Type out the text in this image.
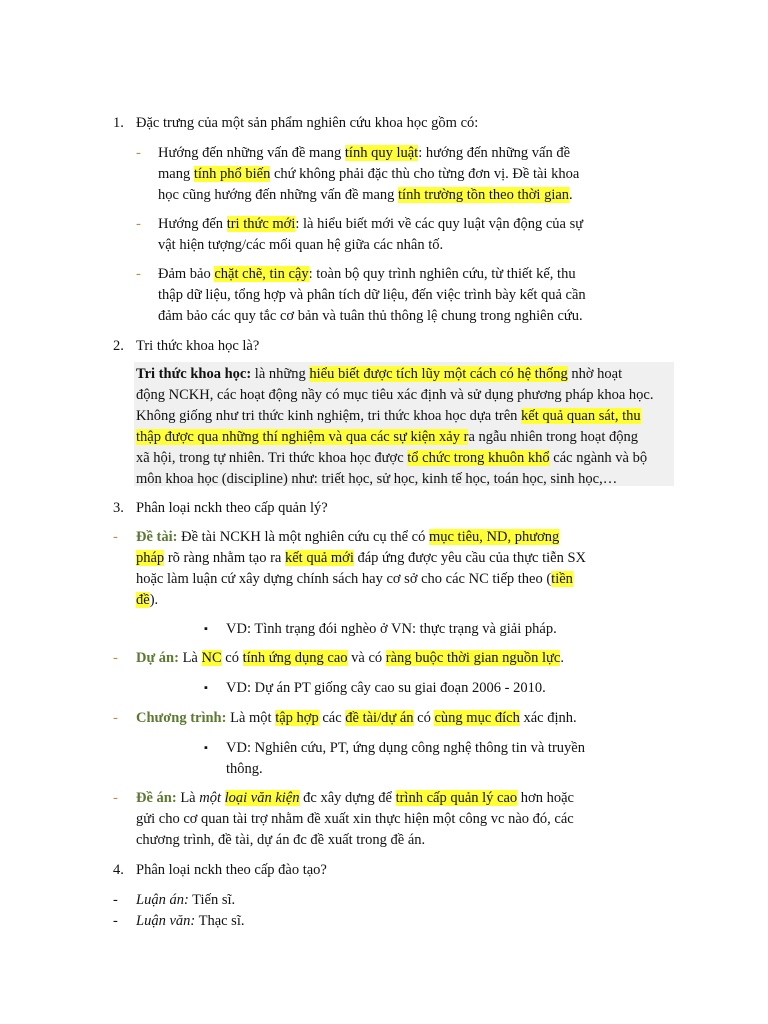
1. Đặc trưng của một sản phẩm nghiên cứu khoa học gồm có:
- Hướng đến những vấn đề mang tính quy luật: hướng đến những vấn đề
mang tính phổ biến chứ không phải đặc thù cho từng đơn vị. Đề tài khoa
học cũng hướng đến những vấn đề mang tính trường tồn theo thời gian.
- Hướng đến tri thức mới: là hiểu biết mới về các quy luật vận động của sự
vật hiện tượng/các mối quan hệ giữa các nhân tố.
- Đảm bảo chặt chẽ, tin cậy: toàn bộ quy trình nghiên cứu, từ thiết kế, thu
thập dữ liệu, tổng hợp và phân tích dữ liệu, đến việc trình bày kết quả cần
đảm bảo các quy tắc cơ bản và tuân thủ thông lệ chung trong nghiên cứu.
2. Tri thức khoa học là?
Tri thức khoa học: là những hiểu biết được tích lũy một cách có hệ thống nhờ hoạt
động NCKH, các hoạt động nầy có mục tiêu xác định và sử dụng phương pháp khoa học.
Không giống như tri thức kinh nghiệm, tri thức khoa học dựa trên kết quả quan sát, thu
thập được qua những thí nghiệm và qua các sự kiện xảy ra ngẫu nhiên trong hoạt động
xã hội, trong tự nhiên. Tri thức khoa học được tổ chức trong khuôn khổ các ngành và bộ
môn khoa học (discipline) như: triết học, sử học, kinh tế học, toán học, sinh học,…
3. Phân loại nckh theo cấp quản lý?
- Đề tài: Đề tài NCKH là một nghiên cứu cụ thể có mục tiêu, ND, phương
pháp rõ ràng nhằm tạo ra kết quả mới đáp ứng được yêu cầu của thực tiễn SX
hoặc làm luận cứ xây dựng chính sách hay cơ sở cho các NC tiếp theo (tiền
đề).
▪ VD: Tình trạng đói nghèo ở VN: thực trạng và giải pháp.
- Dự án: Là NC có tính ứng dụng cao và có ràng buộc thời gian nguồn lực.
▪ VD: Dự án PT giống cây cao su giai đoạn 2006 - 2010.
- Chương trình: Là một tập hợp các đề tài/dự án có cùng mục đích xác định.
▪ VD: Nghiên cứu, PT, ứng dụng công nghệ thông tin và truyền
thông.
- Đề án: Là một loại văn kiện đc xây dựng để trình cấp quản lý cao hơn hoặc
gửi cho cơ quan tài trợ nhằm đề xuất xin thực hiện một công vc nào đó, các
chương trình, đề tài, dự án đc đề xuất trong đề án.
4. Phân loại nckh theo cấp đào tạo?
- Luận án: Tiến sĩ.
- Luận văn: Thạc sĩ.
